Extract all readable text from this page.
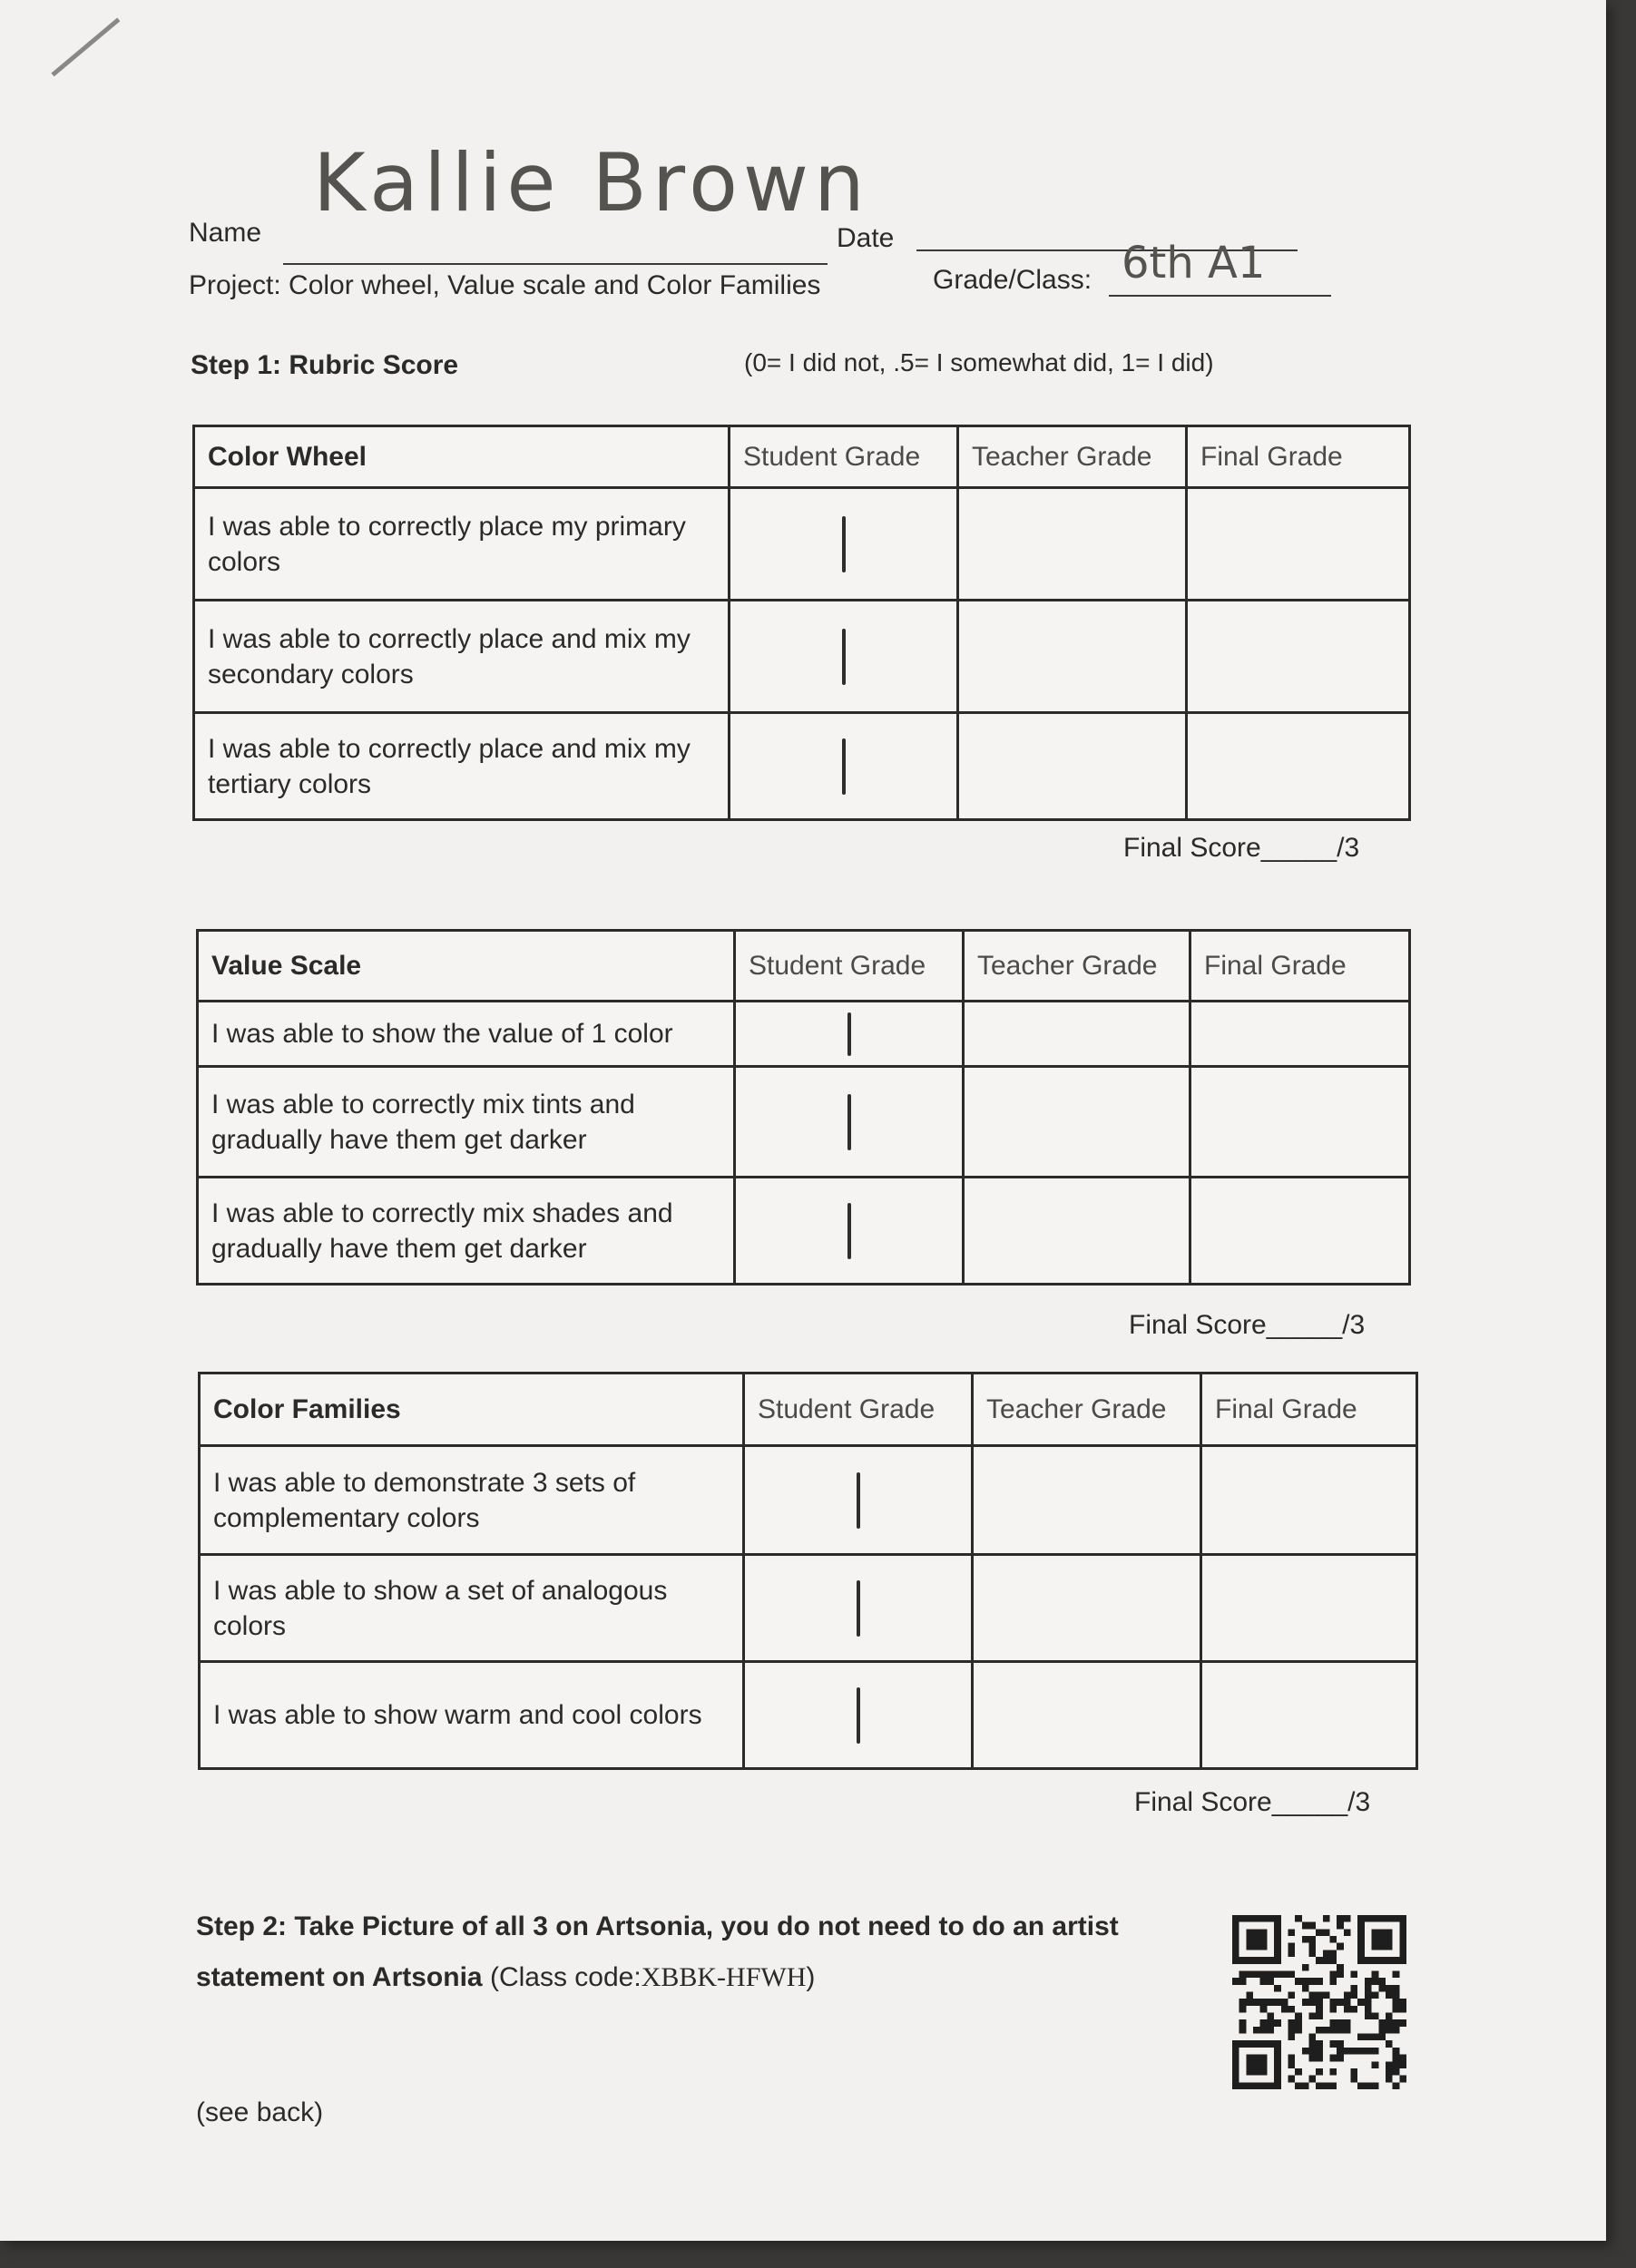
Name
Kallie Brown
Date
Project: Color wheel, Value scale and Color Families	Grade/Class: 6th A1
Step 1: Rubric Score	(0= I did not, .5= I somewhat did, 1= I did)
Color Wheel	Student Grade	Teacher Grade	Final Grade
I was able to correctly place my primary colors	

I was able to correctly place and mix my secondary colors	

I was able to correctly place and mix my tertiary colors	

Final Score_____/3
Value Scale	Student Grade	Teacher Grade	Final Grade
I was able to show the value of 1 color	

I was able to correctly mix tints and gradually have them get darker	

I was able to correctly mix shades and gradually have them get darker	

Final Score_____/3
Color Families	Student Grade	Teacher Grade	Final Grade
I was able to demonstrate 3 sets of complementary colors	

I was able to show a set of analogous colors	

I was able to show warm and cool colors	

Final Score_____/3
Step 2: Take Picture of all 3 on Artsonia, you do not need to do an artist statement on Artsonia (Class code:XBBK-HFWH)
(see back)
